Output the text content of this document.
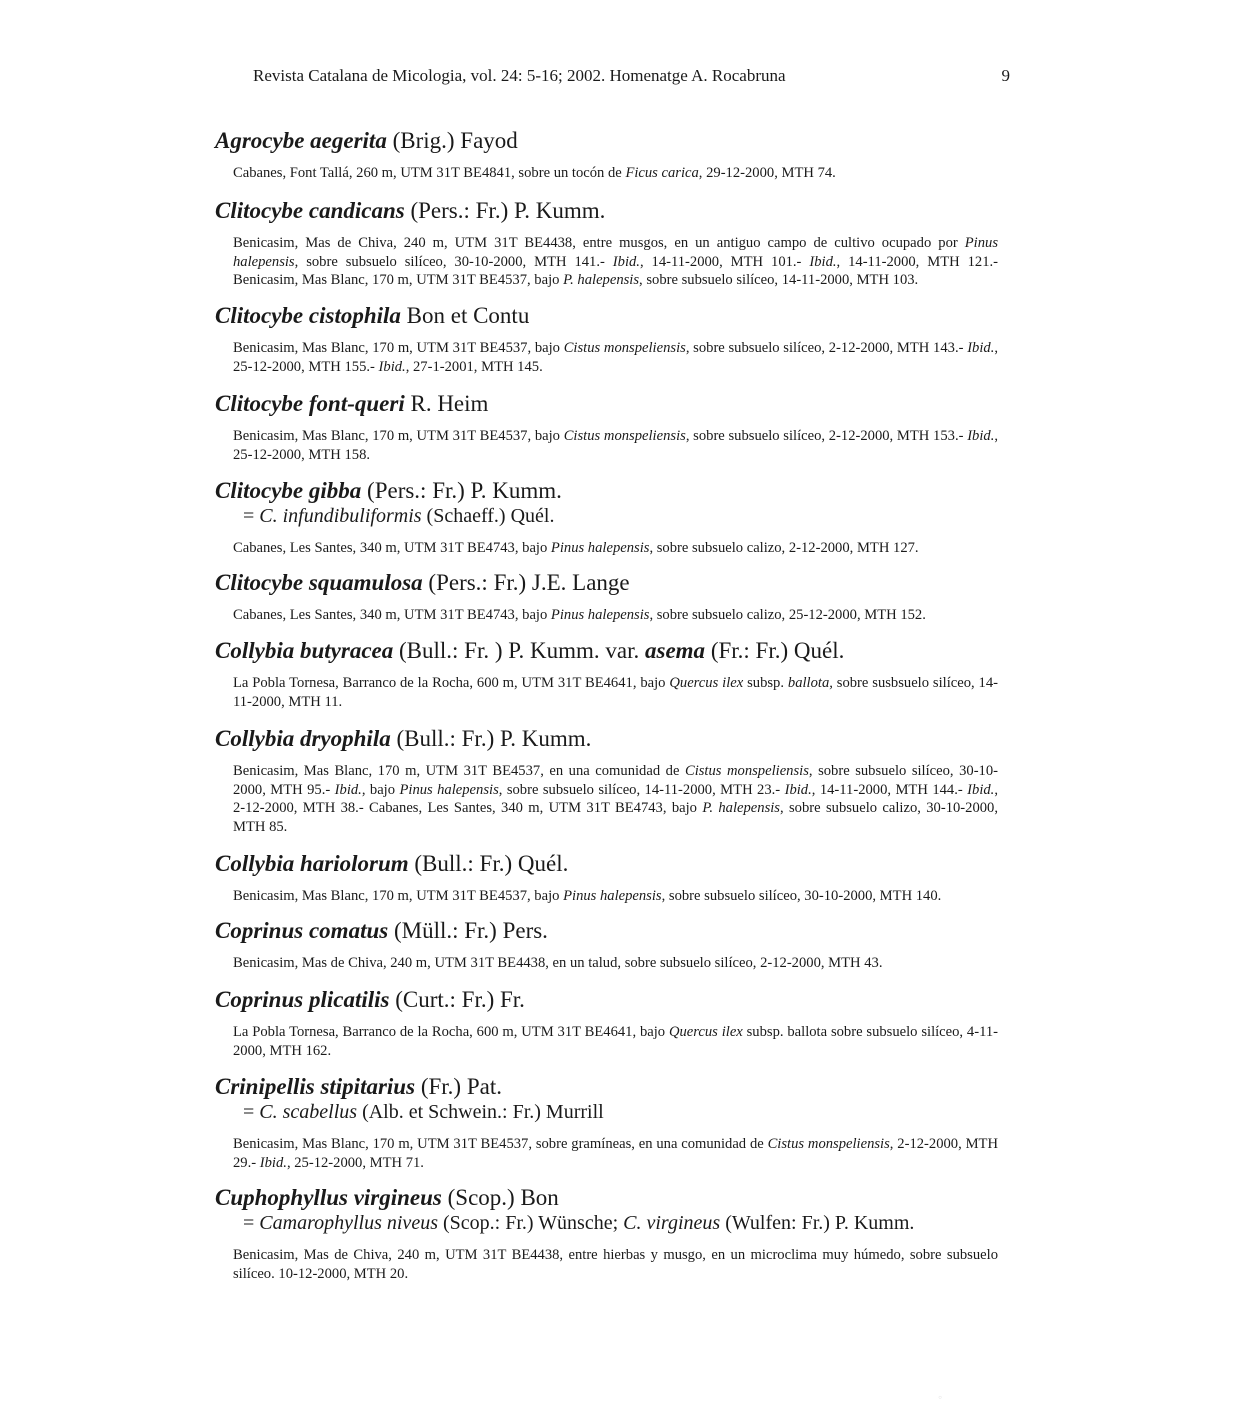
Revista Catalana de Micologia, vol. 24: 5-16; 2002. Homenatge A. Rocabruna	9
Agrocybe aegerita (Brig.) Fayod
Cabanes, Font Tallá, 260 m, UTM 31T BE4841, sobre un tocón de Ficus carica, 29-12-2000, MTH 74.
Clitocybe candicans (Pers.: Fr.) P. Kumm.
Benicasim, Mas de Chiva, 240 m, UTM 31T BE4438, entre musgos, en un antiguo campo de cultivo ocupado por Pinus halepensis, sobre subsuelo silíceo, 30-10-2000, MTH 141.- Ibid., 14-11-2000, MTH 101.- Ibid., 14-11-2000, MTH 121.- Benicasim, Mas Blanc, 170 m, UTM 31T BE4537, bajo P. halepensis, sobre subsuelo silíceo, 14-11-2000, MTH 103.
Clitocybe cistophila Bon et Contu
Benicasim, Mas Blanc, 170 m, UTM 31T BE4537, bajo Cistus monspeliensis, sobre subsuelo silíceo, 2-12-2000, MTH 143.- Ibid., 25-12-2000, MTH 155.- Ibid., 27-1-2001, MTH 145.
Clitocybe font-queri R. Heim
Benicasim, Mas Blanc, 170 m, UTM 31T BE4537, bajo Cistus monspeliensis, sobre subsuelo silíceo, 2-12-2000, MTH 153.- Ibid., 25-12-2000, MTH 158.
Clitocybe gibba (Pers.: Fr.) P. Kumm.
= C. infundibuliformis (Schaeff.) Quél.
Cabanes, Les Santes, 340 m, UTM 31T BE4743, bajo Pinus halepensis, sobre subsuelo calizo, 2-12-2000, MTH 127.
Clitocybe squamulosa (Pers.: Fr.) J.E. Lange
Cabanes, Les Santes, 340 m, UTM 31T BE4743, bajo Pinus halepensis, sobre subsuelo calizo, 25-12-2000, MTH 152.
Collybia butyracea (Bull.: Fr. ) P. Kumm. var. asema (Fr.: Fr.) Quél.
La Pobla Tornesa, Barranco de la Rocha, 600 m, UTM 31T BE4641, bajo Quercus ilex subsp. ballota, sobre susbsuelo silíceo, 14-11-2000, MTH 11.
Collybia dryophila (Bull.: Fr.) P. Kumm.
Benicasim, Mas Blanc, 170 m, UTM 31T BE4537, en una comunidad de Cistus monspeliensis, sobre subsuelo silíceo, 30-10-2000, MTH 95.- Ibid., bajo Pinus halepensis, sobre subsuelo silíceo, 14-11-2000, MTH 23.- Ibid., 14-11-2000, MTH 144.- Ibid., 2-12-2000, MTH 38.- Cabanes, Les Santes, 340 m, UTM 31T BE4743, bajo P. halepensis, sobre subsuelo calizo, 30-10-2000, MTH 85.
Collybia hariolorum (Bull.: Fr.) Quél.
Benicasim, Mas Blanc, 170 m, UTM 31T BE4537, bajo Pinus halepensis, sobre subsuelo silíceo, 30-10-2000, MTH 140.
Coprinus comatus (Müll.: Fr.) Pers.
Benicasim, Mas de Chiva, 240 m, UTM 31T BE4438, en un talud, sobre subsuelo silíceo, 2-12-2000, MTH 43.
Coprinus plicatilis (Curt.: Fr.) Fr.
La Pobla Tornesa, Barranco de la Rocha, 600 m, UTM 31T BE4641, bajo Quercus ilex subsp. ballota sobre subsuelo silíceo, 4-11-2000, MTH 162.
Crinipellis stipitarius (Fr.) Pat.
= C. scabellus (Alb. et Schwein.: Fr.) Murrill
Benicasim, Mas Blanc, 170 m, UTM 31T BE4537, sobre gramíneas, en una comunidad de Cistus monspeliensis, 2-12-2000, MTH 29.- Ibid., 25-12-2000, MTH 71.
Cuphophyllus virgineus (Scop.) Bon
= Camarophyllus niveus (Scop.: Fr.) Wünsche; C. virgineus (Wulfen: Fr.) P. Kumm.
Benicasim, Mas de Chiva, 240 m, UTM 31T BE4438, entre hierbas y musgo, en un microclima muy húmedo, sobre subsuelo silíceo. 10-12-2000, MTH 20.
◦
